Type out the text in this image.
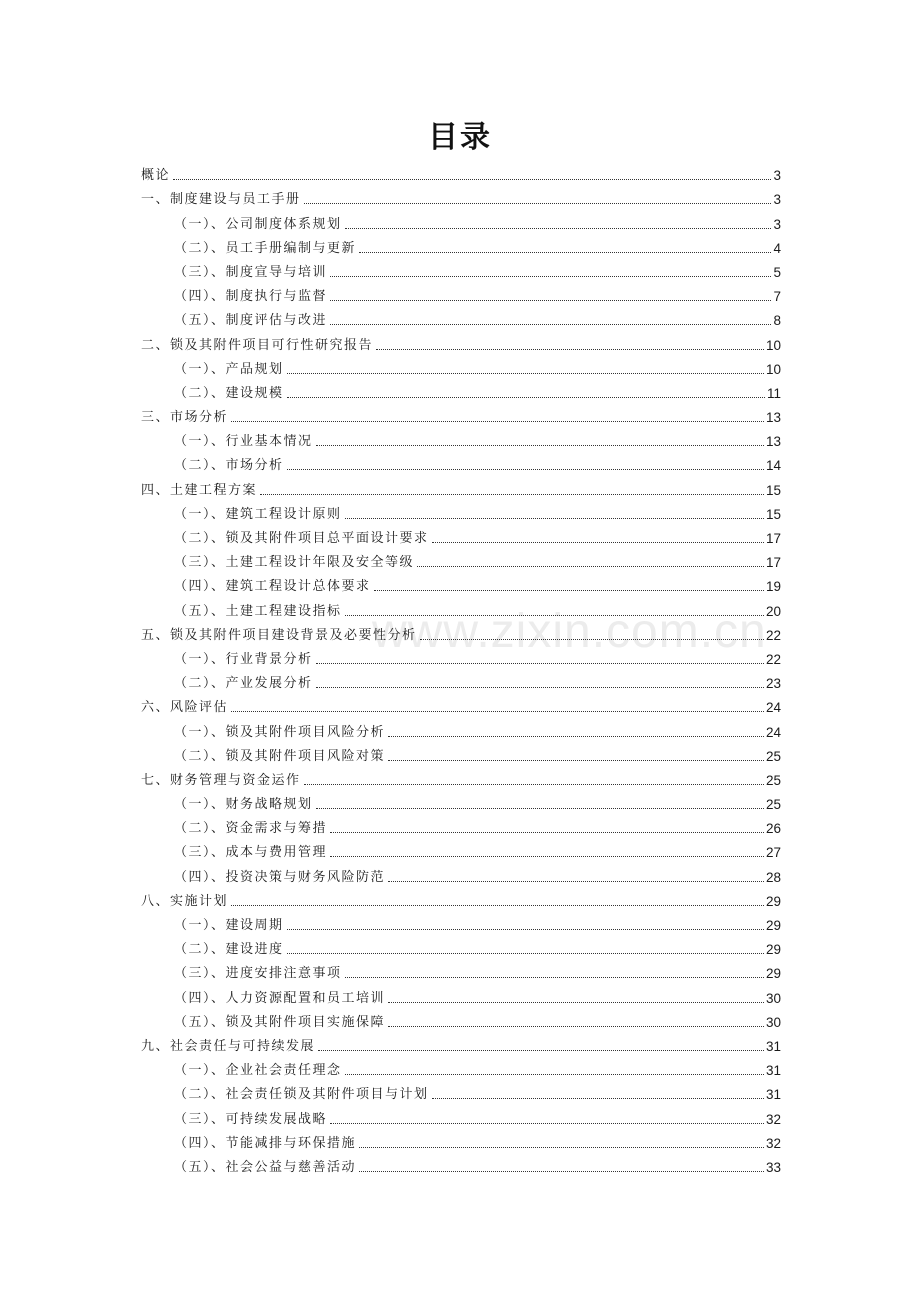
目录
www.zixin.com.cn
概论	3
一、制度建设与员工手册	3
（一）、公司制度体系规划	3
（二）、员工手册编制与更新	4
（三）、制度宣导与培训	5
（四）、制度执行与监督	7
（五）、制度评估与改进	8
二、锁及其附件项目可行性研究报告	10
（一）、产品规划	10
（二）、建设规模	11
三、市场分析	13
（一）、行业基本情况	13
（二）、市场分析	14
四、土建工程方案	15
（一）、建筑工程设计原则	15
（二）、锁及其附件项目总平面设计要求	17
（三）、土建工程设计年限及安全等级	17
（四）、建筑工程设计总体要求	19
（五）、土建工程建设指标	20
五、锁及其附件项目建设背景及必要性分析	22
（一）、行业背景分析	22
（二）、产业发展分析	23
六、风险评估	24
（一）、锁及其附件项目风险分析	24
（二）、锁及其附件项目风险对策	25
七、财务管理与资金运作	25
（一）、财务战略规划	25
（二）、资金需求与筹措	26
（三）、成本与费用管理	27
（四）、投资决策与财务风险防范	28
八、实施计划	29
（一）、建设周期	29
（二）、建设进度	29
（三）、进度安排注意事项	29
（四）、人力资源配置和员工培训	30
（五）、锁及其附件项目实施保障	30
九、社会责任与可持续发展	31
（一）、企业社会责任理念	31
（二）、社会责任锁及其附件项目与计划	31
（三）、可持续发展战略	32
（四）、节能减排与环保措施	32
（五）、社会公益与慈善活动	33
